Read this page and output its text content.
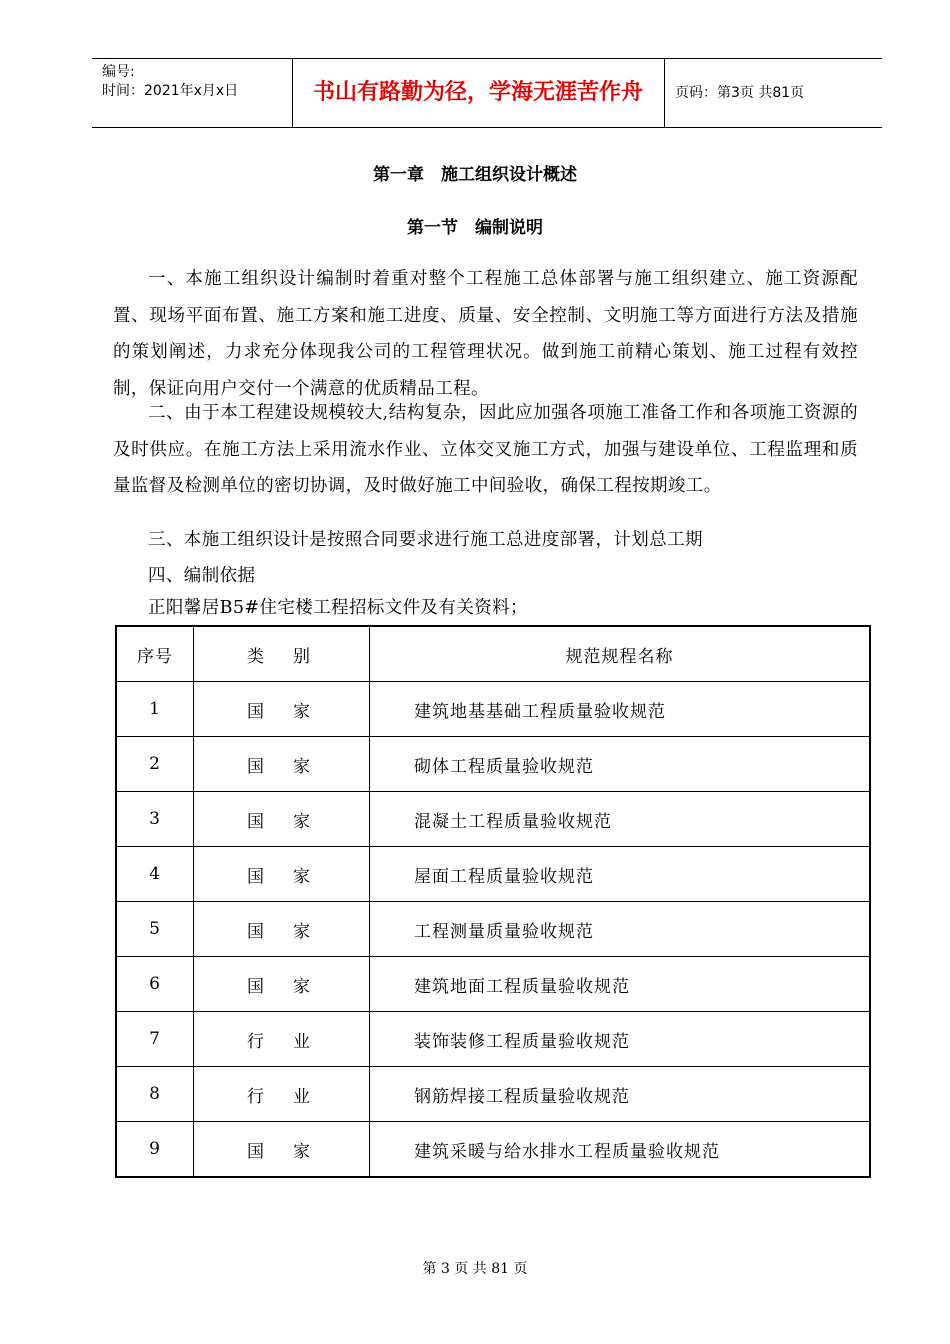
编号:
时间：2021年x月x日	书山有路勤为径，学海无涯苦作舟	页码：第3页 共81页
第一章　施工组织设计概述
第一节　编制说明

一、本施工组织设计编制时着重对整个工程施工总体部署与施工组织建立、施工资源配置、现场平面布置、施工方案和施工进度、质量、安全控制、文明施工等方面进行方法及措施的策划阐述，力求充分体现我公司的工程管理状况。做到施工前精心策划、施工过程有效控制，保证向用户交付一个满意的优质精品工程。

二、由于本工程建设规模较大,结构复杂，因此应加强各项施工准备工作和各项施工资源的及时供应。在施工方法上采用流水作业、立体交叉施工方式，加强与建设单位、工程监理和质量监督及检测单位的密切协调，及时做好施工中间验收，确保工程按期竣工。

三、本施工组织设计是按照合同要求进行施工总进度部署，计划总工期

四、编制依据

正阳馨居B5#住宅楼工程招标文件及有关资料；

序号	类　别	规范规程名称
1	国　家	建筑地基基础工程质量验收规范
2	国　家	砌体工程质量验收规范
3	国　家	混凝土工程质量验收规范
4	国　家	屋面工程质量验收规范
5	国　家	工程测量质量验收规范
6	国　家	建筑地面工程质量验收规范
7	行　业	装饰装修工程质量验收规范
8	行　业	钢筋焊接工程质量验收规范
9	国　家	建筑采暖与给水排水工程质量验收规范
第 3 页 共 81 页
